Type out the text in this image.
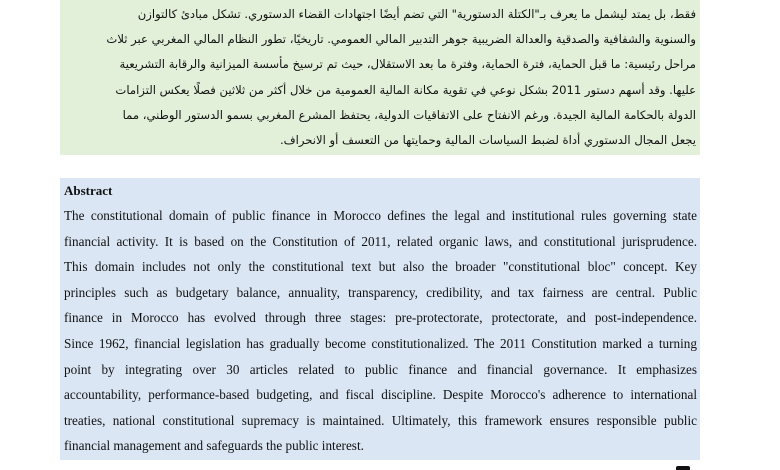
فقط، بل يمتد ليشمل ما يعرف بـ"الكتلة الدستورية" التي تضم أيضًا اجتهادات القضاء الدستوري. تشكل مبادئ كالتوازن
والسنوية والشفافية والصدقية والعدالة الضريبية جوهر التدبير المالي العمومي. تاريخيًا، تطور النظام المالي المغربي عبر ثلاث
مراحل رئيسية: ما قبل الحماية، فترة الحماية، وفترة ما بعد الاستقلال، حيث تم ترسيخ مأسسة الميزانية والرقابة التشريعية
عليها. وقد أسهم دستور 2011 بشكل نوعي في تقوية مكانة المالية العمومية من خلال أكثر من ثلاثين فصلًا يعكس التزامات
الدولة بالحكامة المالية الجيدة. ورغم الانفتاح على الاتفاقيات الدولية، يحتفظ المشرع المغربي بسمو الدستور الوطني، مما
يجعل المجال الدستوري أداة لضبط السياسات المالية وحمايتها من التعسف أو الانحراف.
Abstract
The constitutional domain of public finance in Morocco defines the legal and institutional rules governing state
financial activity. It is based on the Constitution of 2011, related organic laws, and constitutional jurisprudence.
This domain includes not only the constitutional text but also the broader "constitutional bloc" concept. Key
principles such as budgetary balance, annuality, transparency, credibility, and tax fairness are central. Public
finance in Morocco has evolved through three stages: pre-protectorate, protectorate, and post-independence.
Since 1962, financial legislation has gradually become constitutionalized. The 2011 Constitution marked a turning
point by integrating over 30 articles related to public finance and financial governance. It emphasizes
accountability, performance-based budgeting, and fiscal discipline. Despite Morocco's adherence to international
treaties, national constitutional supremacy is maintained. Ultimately, this framework ensures responsible public
financial management and safeguards the public interest.
